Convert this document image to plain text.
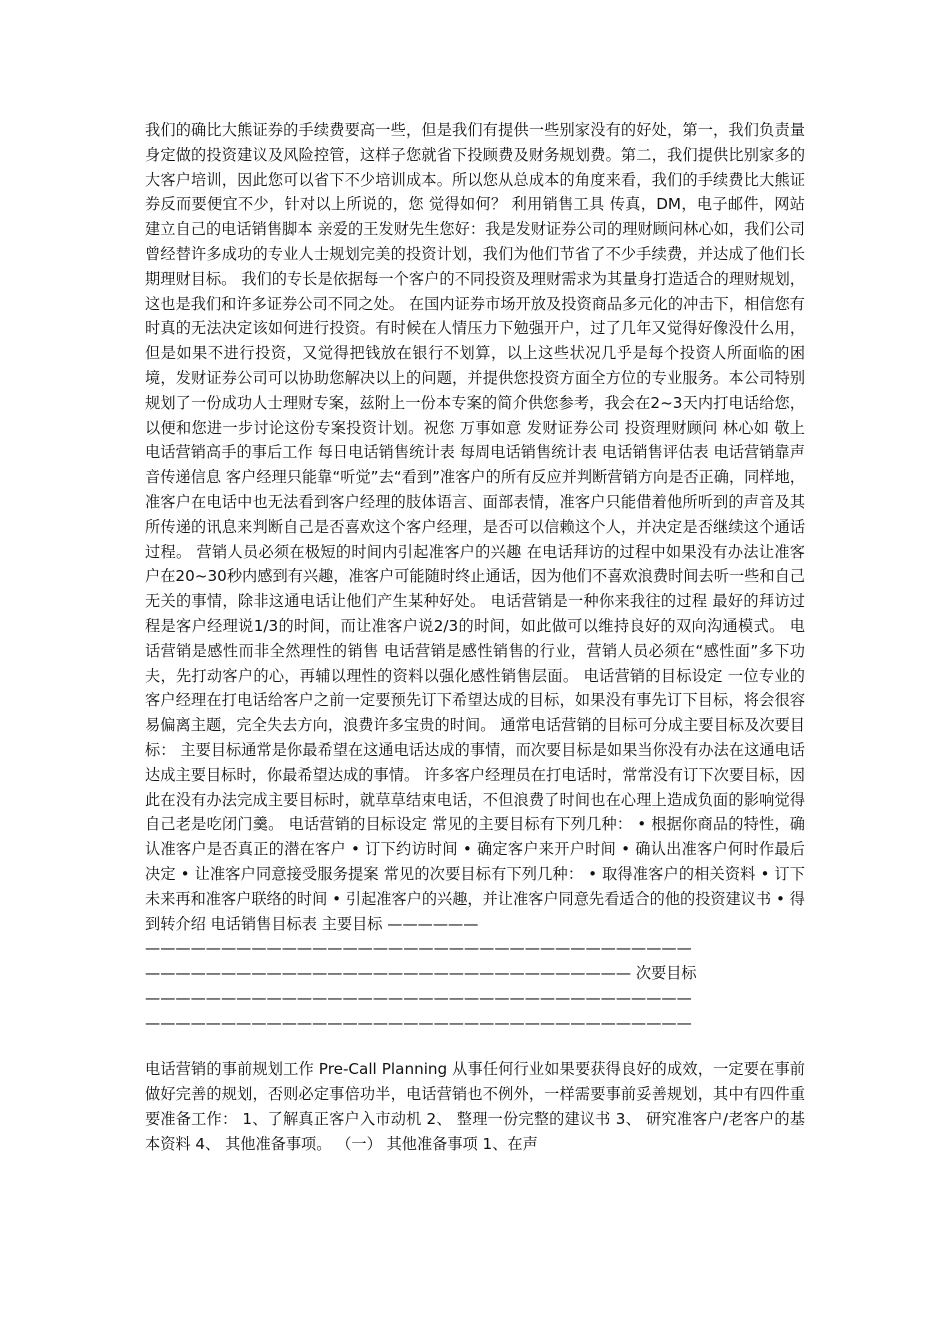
我们的确比大熊证券的手续费要高一些，但是我们有提供一些别家没有的好处，第一，我们负责量身定做的投资建议及风险控管，这样子您就省下投顾费及财务规划费。第二，我们提供比别家多的大客户培训，因此您可以省下不少培训成本。所以您从总成本的角度来看，我们的手续费比大熊证券反而要便宜不少，针对以上所说的，您 觉得如何？ 利用销售工具 传真，DM，电子邮件，网站 建立自己的电话销售脚本 亲爱的王发财先生您好：我是发财证券公司的理财顾问林心如，我们公司曾经替许多成功的专业人士规划完美的投资计划，我们为他们节省了不少手续费，并达成了他们长期理财目标。 我们的专长是依据每一个客户的不同投资及理财需求为其量身打造适合的理财规划，这也是我们和许多证券公司不同之处。 在国内证券市场开放及投资商品多元化的冲击下，相信您有时真的无法决定该如何进行投资。有时候在人情压力下勉强开户，过了几年又觉得好像没什么用，但是如果不进行投资，又觉得把钱放在银行不划算，以上这些状况几乎是每个投资人所面临的困境，发财证券公司可以协助您解决以上的问题，并提供您投资方面全方位的专业服务。本公司特别规划了一份成功人士理财专案，兹附上一份本专案的简介供您参考，我会在2~3天内打电话给您，以便和您进一步讨论这份专案投资计划。祝您 万事如意 发财证券公司 投资理财顾问 林心如 敬上 电话营销高手的事后工作 每日电话销售统计表 每周电话销售统计表 电话销售评估表 电话营销靠声音传递信息 客户经理只能靠“听觉”去“看到”准客户的所有反应并判断营销方向是否正确，同样地，准客户在电话中也无法看到客户经理的肢体语言、面部表情，准客户只能借着他所听到的声音及其所传递的讯息来判断自己是否喜欢这个客户经理，是否可以信赖这个人，并决定是否继续这个通话过程。 营销人员必须在极短的时间内引起准客户的兴趣 在电话拜访的过程中如果没有办法让准客户在20~30秒内感到有兴趣，准客户可能随时终止通话，因为他们不喜欢浪费时间去听一些和自己无关的事情，除非这通电话让他们产生某种好处。 电话营销是一种你来我往的过程 最好的拜访过程是客户经理说1/3的时间，而让准客户说2/3的时间，如此做可以维持良好的双向沟通模式。 电话营销是感性而非全然理性的销售 电话营销是感性销售的行业，营销人员必须在“感性面”多下功夫，先打动客户的心，再辅以理性的资料以强化感性销售层面。 电话营销的目标设定 一位专业的客户经理在打电话给客户之前一定要预先订下希望达成的目标，如果没有事先订下目标，将会很容易偏离主题，完全失去方向，浪费许多宝贵的时间。 通常电话营销的目标可分成主要目标及次要目标： 主要目标通常是你最希望在这通电话达成的事情，而次要目标是如果当你没有办法在这通电话达成主要目标时，你最希望达成的事情。 许多客户经理员在打电话时，常常没有订下次要目标，因此在没有办法完成主要目标时，就草草结束电话，不但浪费了时间也在心理上造成负面的影响觉得自己老是吃闭门羹。 电话营销的目标设定 常见的主要目标有下列几种： • 根据你商品的特性，确认准客户是否真正的潜在客户 • 订下约访时间 • 确定客户来开户时间 • 确认出准客户何时作最后决定 • 让准客户同意接受服务提案 常见的次要目标有下列几种： • 取得准客户的相关资料 • 订下未来再和准客户联络的时间 • 引起准客户的兴趣，并让准客户同意先看适合的他的投资建议书 • 得到转介绍 电话销售目标表 主要目标 ——————
————————————————————————————————————
———————————————————————————————— 次要目标
————————————————————————————————————
————————————————————————————————————
电话营销的事前规划工作 Pre-Call Planning 从事任何行业如果要获得良好的成效，一定要在事前做好完善的规划，否则必定事倍功半，电话营销也不例外，一样需要事前妥善规划，其中有四件重要准备工作： 1、了解真正客户入市动机 2、 整理一份完整的建议书 3、 研究准客户/老客户的基本资料 4、 其他准备事项。 （一） 其他准备事项 1、在声
